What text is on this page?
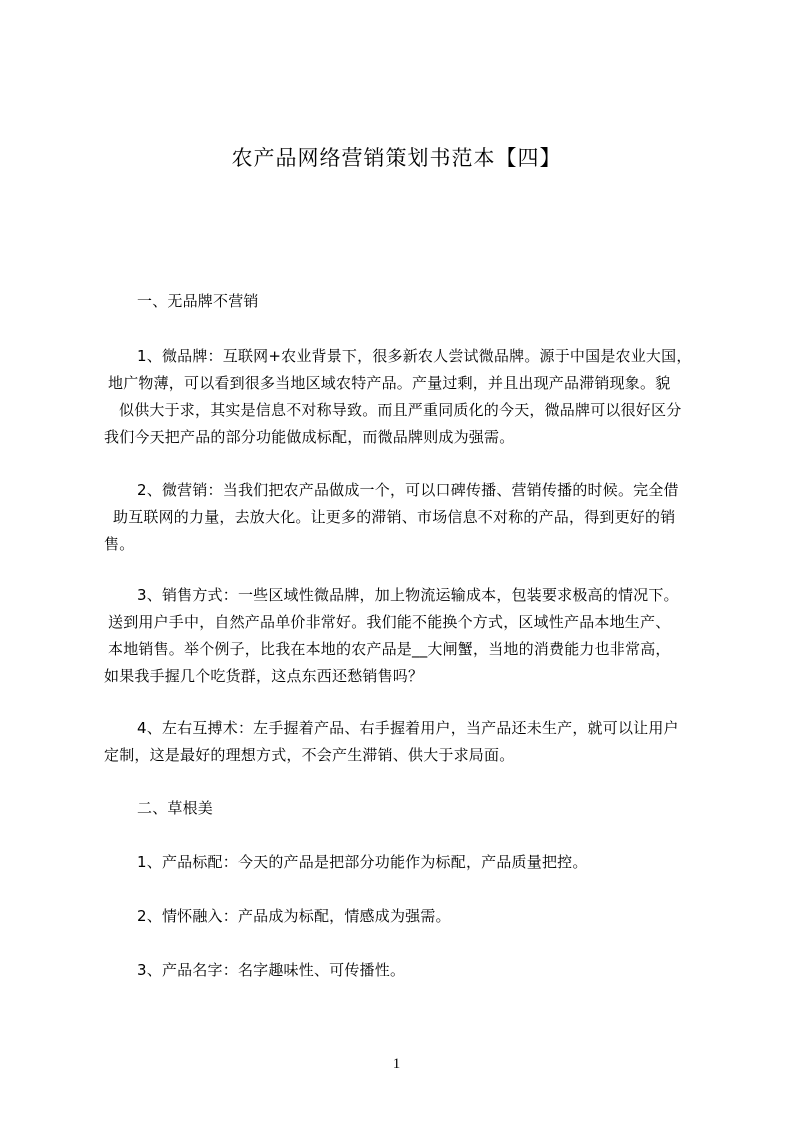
农产品网络营销策划书范本【四】
一、无品牌不营销
1、微品牌：互联网+农业背景下，很多新农人尝试微品牌。源于中国是农业大国，
地广物薄，可以看到很多当地区域农特产品。产量过剩，并且出现产品滞销现象。貌
似供大于求，其实是信息不对称导致。而且严重同质化的今天，微品牌可以很好区分
我们今天把产品的部分功能做成标配，而微品牌则成为强需。
2、微营销：当我们把农产品做成一个，可以口碑传播、营销传播的时候。完全借
助互联网的力量，去放大化。让更多的滞销、市场信息不对称的产品，得到更好的销
售。
3、销售方式：一些区域性微品牌，加上物流运输成本，包装要求极高的情况下。
送到用户手中，自然产品单价非常好。我们能不能换个方式，区域性产品本地生产、
本地销售。举个例子，比我在本地的农产品是__大闸蟹，当地的消费能力也非常高，
如果我手握几个吃货群，这点东西还愁销售吗？
4、左右互搏术：左手握着产品、右手握着用户，当产品还未生产，就可以让用户
定制，这是最好的理想方式，不会产生滞销、供大于求局面。
二、草根美
1、产品标配：今天的产品是把部分功能作为标配，产品质量把控。
2、情怀融入：产品成为标配，情感成为强需。
3、产品名字：名字趣味性、可传播性。
1
